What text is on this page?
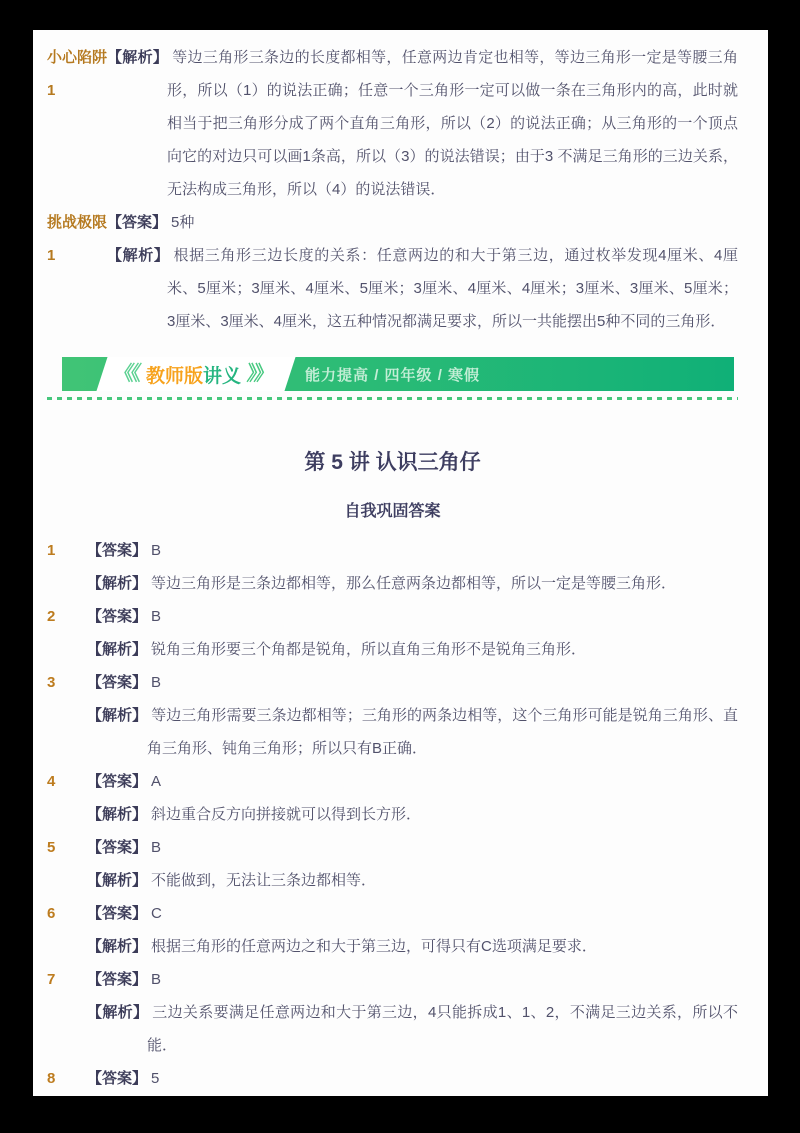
小心陷阱1

【解析】 等边三角形三条边的长度都相等，任意两边肯定也相等，等边三角形一定是等腰三角形，所以（1）的说法正确；任意一个三角形一定可以做一条在三角形内的高，此时就相当于把三角形分成了两个直角三角形，所以（2）的说法正确；从三角形的一个顶点向它的对边只可以画1条高，所以（3）的说法错误；由于3 不满足三角形的三边关系，无法构成三角形，所以（4）的说法错误．

挑战极限1

【答案】 5种

【解析】 根据三角形三边长度的关系：任意两边的和大于第三边，通过枚举发现4厘米、4厘米、5厘米；3厘米、4厘米、5厘米；3厘米、4厘米、4厘米；3厘米、3厘米、5厘米；3厘米、3厘米、4厘米，这五种情况都满足要求，所以一共能摆出5种不同的三角形．

《《 教师版 讲义 》》 能力提高 / 四年级 / 寒假
第 5 讲 认识三角仔
自我巩固答案
1	【答案】 B

【解析】 等边三角形是三条边都相等，那么任意两条边都相等，所以一定是等腰三角形．

2	【答案】 B

【解析】 锐角三角形要三个角都是锐角，所以直角三角形不是锐角三角形．

3	【答案】 B

【解析】 等边三角形需要三条边都相等；三角形的两条边相等，这个三角形可能是锐角三角形、直角三角形、钝角三角形；所以只有B正确．

4	【答案】 A

【解析】 斜边重合反方向拼接就可以得到长方形．

5	【答案】 B

【解析】 不能做到，无法让三条边都相等．

6	【答案】 C

【解析】 根据三角形的任意两边之和大于第三边，可得只有C选项满足要求．

7	【答案】 B

【解析】 三边关系要满足任意两边和大于第三边，4只能拆成1、1、2，不满足三边关系，所以不能．

8	【答案】 5
